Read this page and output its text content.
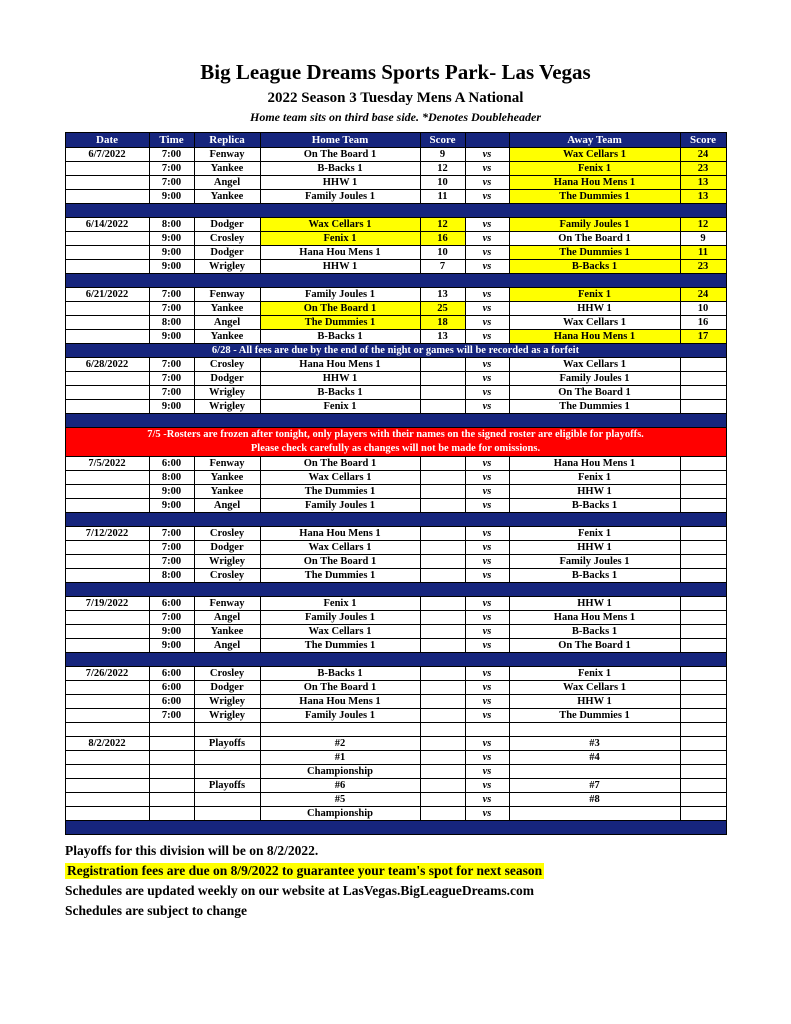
Big League Dreams Sports Park- Las Vegas
2022 Season 3 Tuesday Mens A National
Home team sits on third base side. *Denotes Doubleheader
Date	Time	Replica	Home Team	Score		Away Team	Score
6/7/2022	7:00	Fenway	On The Board 1	9	vs	Wax Cellars 1	24
	7:00	Yankee	B-Backs 1	12	vs	Fenix 1	23
	7:00	Angel	HHW 1	10	vs	Hana Hou Mens 1	13
	9:00	Yankee	Family Joules 1	11	vs	The Dummies 1	13

6/14/2022	8:00	Dodger	Wax Cellars 1	12	vs	Family Joules 1	12
	9:00	Crosley	Fenix 1	16	vs	On The Board 1	9
	9:00	Dodger	Hana Hou Mens 1	10	vs	The Dummies 1	11
	9:00	Wrigley	HHW 1	7	vs	B-Backs 1	23

6/21/2022	7:00	Fenway	Family Joules 1	13	vs	Fenix 1	24
	7:00	Yankee	On The Board 1	25	vs	HHW 1	10
	8:00	Angel	The Dummies 1	18	vs	Wax Cellars 1	16
	9:00	Yankee	B-Backs 1	13	vs	Hana Hou Mens 1	17
6/28 - All fees are due by the end of the night or games will be recorded as a forfeit							
6/28/2022	7:00	Crosley	Hana Hou Mens 1		vs	Wax Cellars 1	
	7:00	Dodger	HHW 1		vs	Family Joules 1	
	7:00	Wrigley	B-Backs 1		vs	On The Board 1	
	9:00	Wrigley	Fenix 1		vs	The Dummies 1	

7/5 -Rosters are frozen after tonight, only players with their names on the signed roster are eligible for playoffs.
Please check carefully as changes will not be made for omissions.							

7/5/2022	6:00	Fenway	On The Board 1		vs	Hana Hou Mens 1	
	8:00	Yankee	Wax Cellars 1		vs	Fenix 1	
	9:00	Yankee	The Dummies 1		vs	HHW 1	
	9:00	Angel	Family Joules 1		vs	B-Backs 1	

7/12/2022	7:00	Crosley	Hana Hou Mens 1		vs	Fenix 1	
	7:00	Dodger	Wax Cellars 1		vs	HHW 1	
	7:00	Wrigley	On The Board 1		vs	Family Joules 1	
	8:00	Crosley	The Dummies 1		vs	B-Backs 1	

7/19/2022	6:00	Fenway	Fenix 1		vs	HHW 1	
	7:00	Angel	Family Joules 1		vs	Hana Hou Mens 1	
	9:00	Yankee	Wax Cellars 1		vs	B-Backs 1	
	9:00	Angel	The Dummies 1		vs	On The Board 1	

7/26/2022	6:00	Crosley	B-Backs 1		vs	Fenix 1	
	6:00	Dodger	On The Board 1		vs	Wax Cellars 1	
	6:00	Wrigley	Hana Hou Mens 1		vs	HHW 1	
	7:00	Wrigley	Family Joules 1		vs	The Dummies 1	

8/2/2022		Playoffs	#2		vs	#3	
			#1		vs	#4	
			Championship		vs		
		Playoffs	#6		vs	#7	
			#5		vs	#8	
			Championship		vs		

Playoffs for this division will be on 8/2/2022.
Registration fees are due on 8/9/2022 to guarantee your team's spot for next season
Schedules are updated weekly on our website at LasVegas.BigLeagueDreams.com
Schedules are subject to change
